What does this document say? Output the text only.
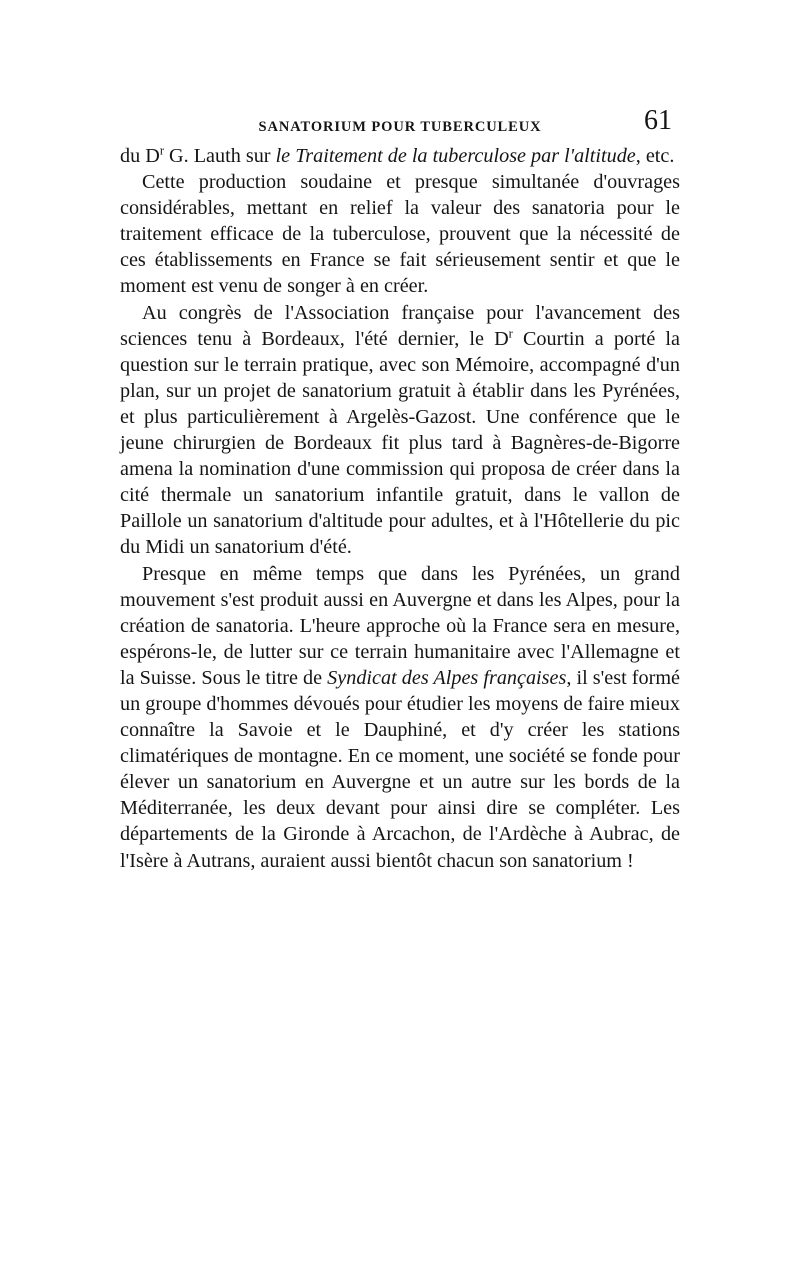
SANATORIUM POUR TUBERCULEUX	61

du $D^r$ G. Lauth sur le Traitement de la tuberculose par l'altitude, etc.

Cette production soudaine et presque simultanée d'ouvrages considérables, mettant en relief la valeur des sanatoria pour le traitement efficace de la tuberculose, prouvent que la nécessité de ces établissements en France se fait sérieusement sentir et que le moment est venu de songer à en créer.

Au congrès de l'Association française pour l'avancement des sciences tenu à Bordeaux, l'été dernier, le $D^r$ Courtin a porté la question sur le terrain pratique, avec son Mémoire, accompagné d'un plan, sur un projet de sanatorium gratuit à établir dans les Pyrénées, et plus particulièrement à Argelès-Gazost. Une conférence que le jeune chirurgien de Bordeaux fit plus tard à Bagnères-de-Bigorre amena la nomination d'une commission qui proposa de créer dans la cité thermale un sanatorium infantile gratuit, dans le vallon de Paillole un sanatorium d'altitude pour adultes, et à l'Hôtellerie du pic du Midi un sanatorium d'été.

Presque en même temps que dans les Pyrénées, un grand mouvement s'est produit aussi en Auvergne et dans les Alpes, pour la création de sanatoria. L'heure approche où la France sera en mesure, espérons-le, de lutter sur ce terrain humanitaire avec l'Allemagne et la Suisse. Sous le titre de Syndicat des Alpes françaises, il s'est formé un groupe d'hommes dévoués pour étudier les moyens de faire mieux connaître la Savoie et le Dauphiné, et d'y créer les stations climatériques de montagne. En ce moment, une société se fonde pour élever un sanatorium en Auvergne et un autre sur les bords de la Méditerranée, les deux devant pour ainsi dire se compléter. Les départements de la Gironde à Arcachon, de l'Ardèche à Aubrac, de l'Isère à Autrans, auraient aussi bientôt chacun son sanatorium !
